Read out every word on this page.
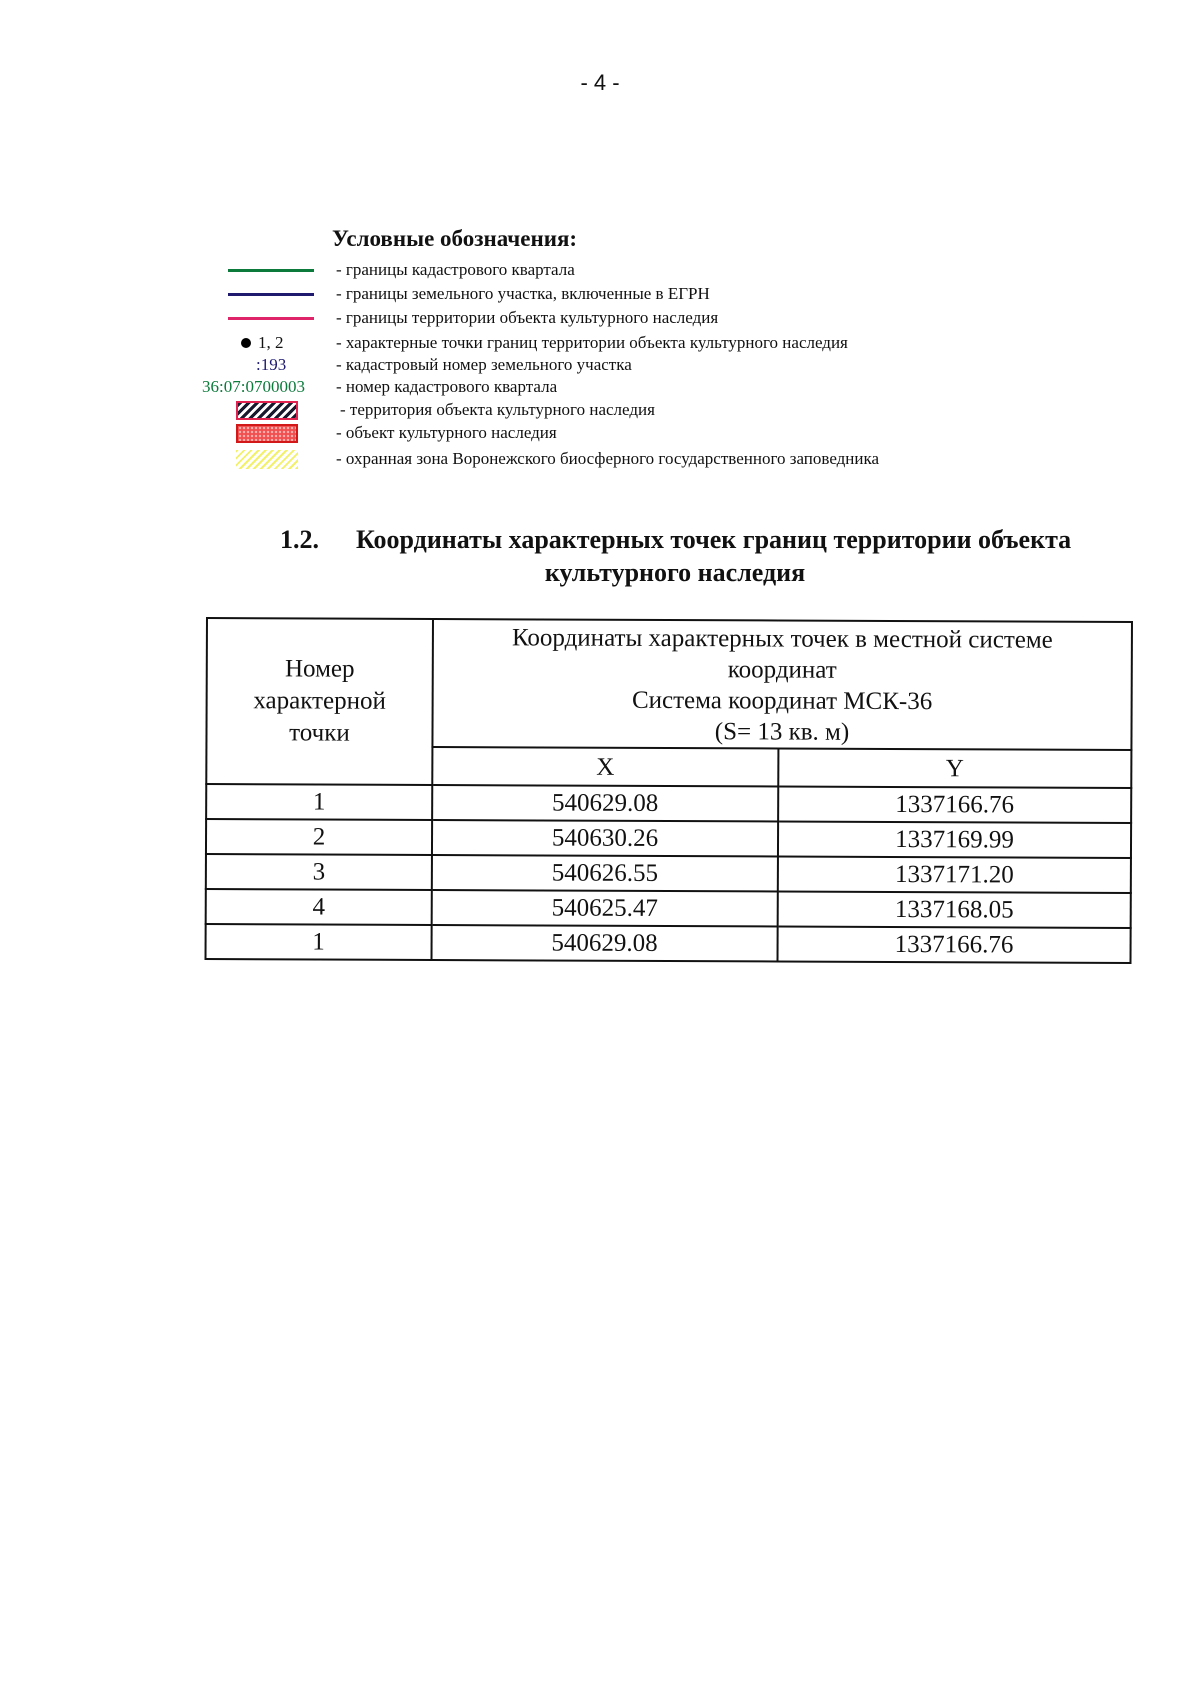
- 4 -
Условные обозначения:
- границы кадастрового квартала
- границы земельного участка, включенные в ЕГРН
- границы территории объекта культурного наследия
1, 2	- характерные точки границ территории объекта культурного наследия
:193	- кадастровый номер земельного участка
36:07:0700003 - номер кадастрового квартала
- территория объекта культурного наследия
- объект культурного наследия
- охранная зона Воронежского биосферного государственного заповедника
1.2. Координаты характерных точек границ территории объекта
культурного наследия
Номер
характерной
точки	Координаты характерных точек в местной системе
координат
Система координат МСК-36
(S= 13 кв. м)	

	X	Y
1	540629.08	1337166.76
2	540630.26	1337169.99
3	540626.55	1337171.20
4	540625.47	1337168.05
1	540629.08	1337166.76
